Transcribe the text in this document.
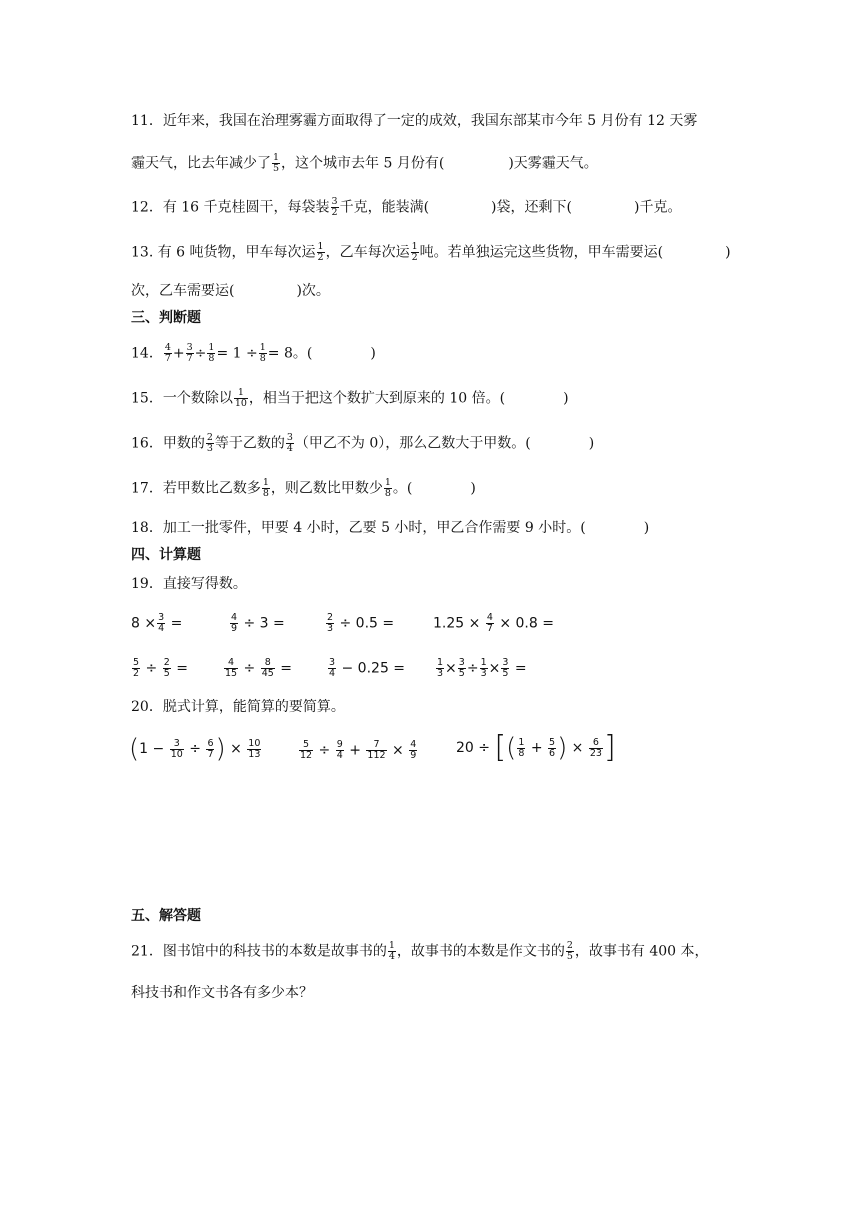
11．近年来，我国在治理雾霾方面取得了一定的成效，我国东部某市今年 5 月份有 12 天雾
霾天气，比去年减少了 $\frac{1}{5}$ ，这个城市去年 5 月份有(	)天雾霾天气。
12．有 16 千克桂圆干，每袋装 $\frac{3}{2}$ 千克，能装满(	)袋，还剩下(	)千克。
13. 有 6 吨货物，甲车每次运 $\frac{1}{2}$ ，乙车每次运 $\frac{1}{2}$ 吨。若单独运完这些货物，甲车需要运(	)
次，乙车需要运(	)次。
三、判断题
14． $\frac{4}{7} + \frac{3}{7} \div \frac{1}{8} = 1 \div \frac{1}{8} = 8$。(	)
15．一个数除以 $\frac{1}{10}$ ，相当于把这个数扩大到原来的 10 倍。(	)
16．甲数的 $\frac{2}{3}$ 等于乙数的 $\frac{3}{4}$ （甲乙不为 0），那么乙数大于甲数。(	)
17．若甲数比乙数多 $\frac{1}{8}$ ，则乙数比甲数少 $\frac{1}{8}$ 。(	)
18．加工一批零件，甲要 4 小时，乙要 5 小时，甲乙合作需要 9 小时。(	)
四、计算题
19．直接写得数。
$8 \times \frac{3}{4}$ =	$\frac{4}{9} \div 3$ =	$\frac{2}{3} \div 0.5$ =	$1.25 \times \frac{4}{7} \times 0.8$ =
$\frac{5}{2} \div \frac{2}{5}$ =	$\frac{4}{15} \div \frac{8}{45}$ =	$\frac{3}{4} - 0.25$ =	$\frac{1}{3} \times \frac{3}{5} \div \frac{1}{3} \times \frac{3}{5}$ =
20．脱式计算，能简算的要简算。
($1 - \frac{3}{10} \div \frac{6}{7}$ ) × $\frac{10}{13}$	$\frac{5}{12} \div \frac{9}{4} + \frac{7}{112} \times \frac{4}{9}$	20 ÷ [( $\frac{1}{8} + \frac{5}{6}$ ) × $\frac{6}{23}$ ]
五、解答题
21．图书馆中的科技书的本数是故事书的 $\frac{1}{4}$ ，故事书的本数是作文书的 $\frac{2}{5}$ ，故事书有 400 本，
科技书和作文书各有多少本？
